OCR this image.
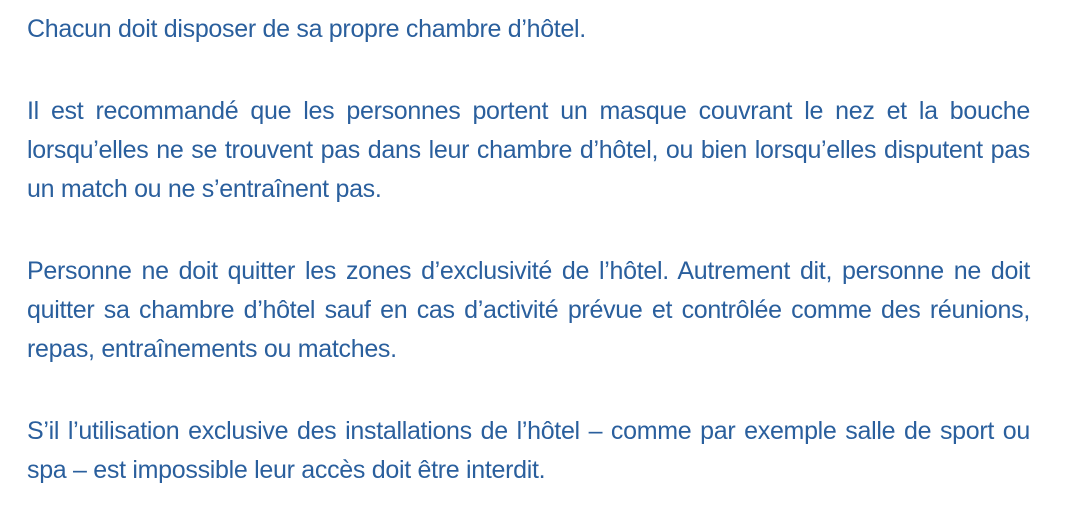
Chacun doit disposer de sa propre chambre d’hôtel.
Il est recommandé que les personnes portent un masque couvrant le nez et la bouche
lorsqu’elles ne se trouvent pas dans leur chambre d’hôtel, ou bien lorsqu’elles disputent pas
un match ou ne s’entraînent pas.
Personne ne doit quitter les zones d’exclusivité de l’hôtel. Autrement dit, personne ne doit
quitter sa chambre d’hôtel sauf en cas d’activité prévue et contrôlée comme des réunions,
repas, entraînements ou matches.
S’il l’utilisation exclusive des installations de l’hôtel – comme par exemple salle de sport ou
spa – est impossible leur accès doit être interdit.
